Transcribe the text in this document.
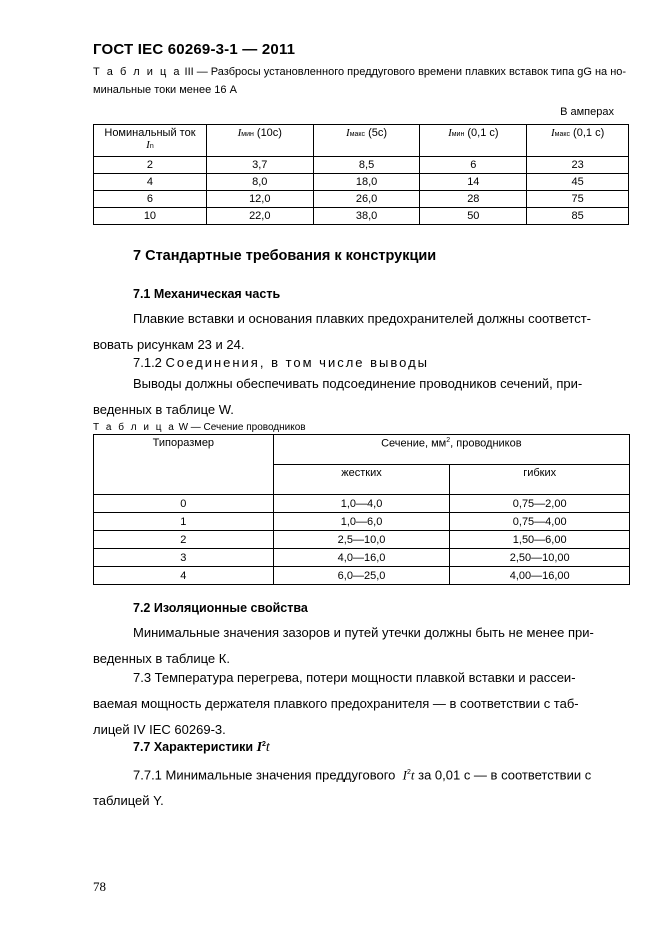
ГОСТ IEC 60269-3-1 — 2011
Т а б л и ц а III — Разбросы установленного преддугового времени плавких вставок типа gG на но-
минальные токи менее 16 А
В амперах
Номинальный ток
In	Iмин (10с)	Iмакс (5с)	Iмин (0,1 с)	Iмакс (0,1 с)
2	3,7	8,5	6	23
4	8,0	18,0	14	45
6	12,0	26,0	28	75
10	22,0	38,0	50	85
7 Стандартные требования к конструкции
7.1 Механическая часть
Плавкие вставки и основания плавких предохранителей должны соответст-
вовать рисункам 23 и 24.
7.1.2 Соединения, в том числе выводы
Выводы должны обеспечивать подсоединение проводников сечений, при-
веденных в таблице W.
Т а б л и ц а W — Сечение проводников
Типоразмер	Сечение, $мм^2$, проводников	
	жестких	гибких
0	1,0—4,0	0,75—2,00
1	1,0—6,0	0,75—4,00
2	2,5—10,0	1,50—6,00
3	4,0—16,0	2,50—10,00
4	6,0—25,0	4,00—16,00
7.2 Изоляционные свойства
Минимальные значения зазоров и путей утечки должны быть не менее при-
веденных в таблице К.
7.3 Температура перегрева, потери мощности плавкой вставки и рассеи-
ваемая мощность держателя плавкого предохранителя — в соответствии с таб-
лицей IV IEC 60269-3.
7.7 Характеристики $I^2t$
7.7.1 Минимальные значения преддугового $I^2t$ за 0,01 с — в соответствии с
таблицей Y.
78
